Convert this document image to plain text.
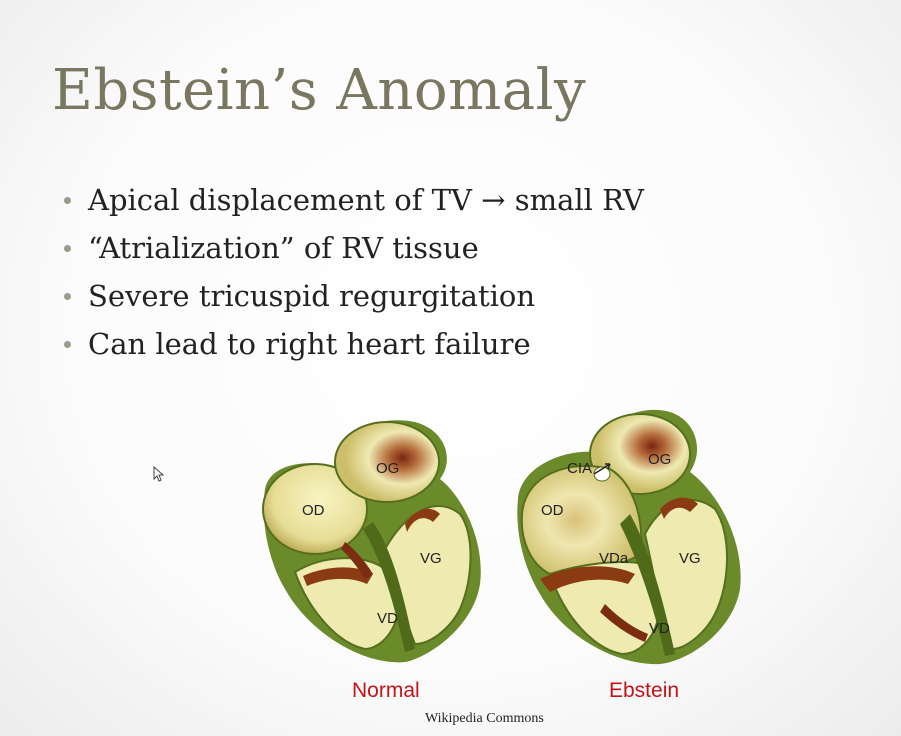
Ebstein’s Anomaly
Apical displacement of TV → small RV
“Atrialization” of RV tissue
Severe tricuspid regurgitation
Can lead to right heart failure
OG
OD
VG
VD
CIA
OG
OD
VDa	VG
VD
Normal	Ebstein
Wikipedia Commons
